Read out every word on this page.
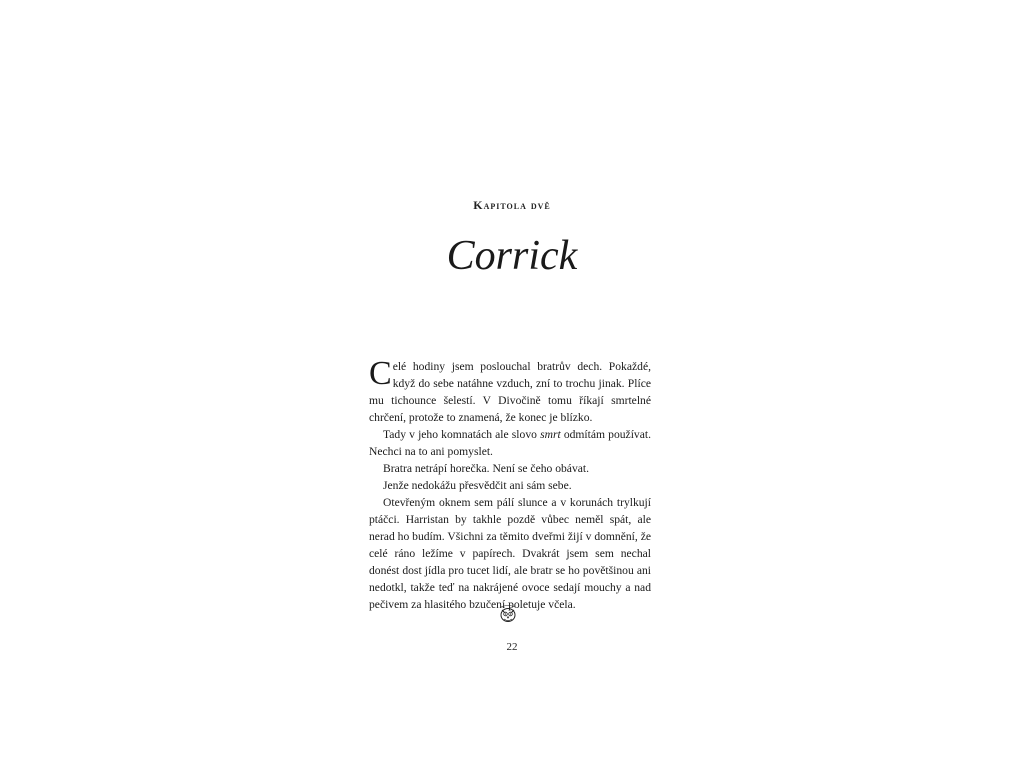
Kapitola dvě
Corrick

Celé hodiny jsem poslouchal bratrův dech. Pokaždé, když do sebe natáhne vzduch, zní to trochu jinak. Plíce mu tichounce šelestí. V Divočině tomu říkají smrtelné chrčení, protože to znamená, že konec je blízko.

Tady v jeho komnatách ale slovo smrt odmítám používat. Nechci na to ani pomyslet.

Bratra netrápí horečka. Není se čeho obávat.

Jenže nedokážu přesvědčit ani sám sebe.

Otevřeným oknem sem pálí slunce a v korunách trylkují ptáčci. Harristan by takhle pozdě vůbec neměl spát, ale nerad ho budím. Všichni za těmito dveřmi žijí v domnění, že celé ráno ležíme v papírech. Dvakrát jsem sem nechal donést dost jídla pro tucet lidí, ale bratr se ho povětšinou ani nedotkl, takže teď na nakrájené ovoce sedají mouchy a nad pečivem za hlasitého bzučení poletuje včela.

22
